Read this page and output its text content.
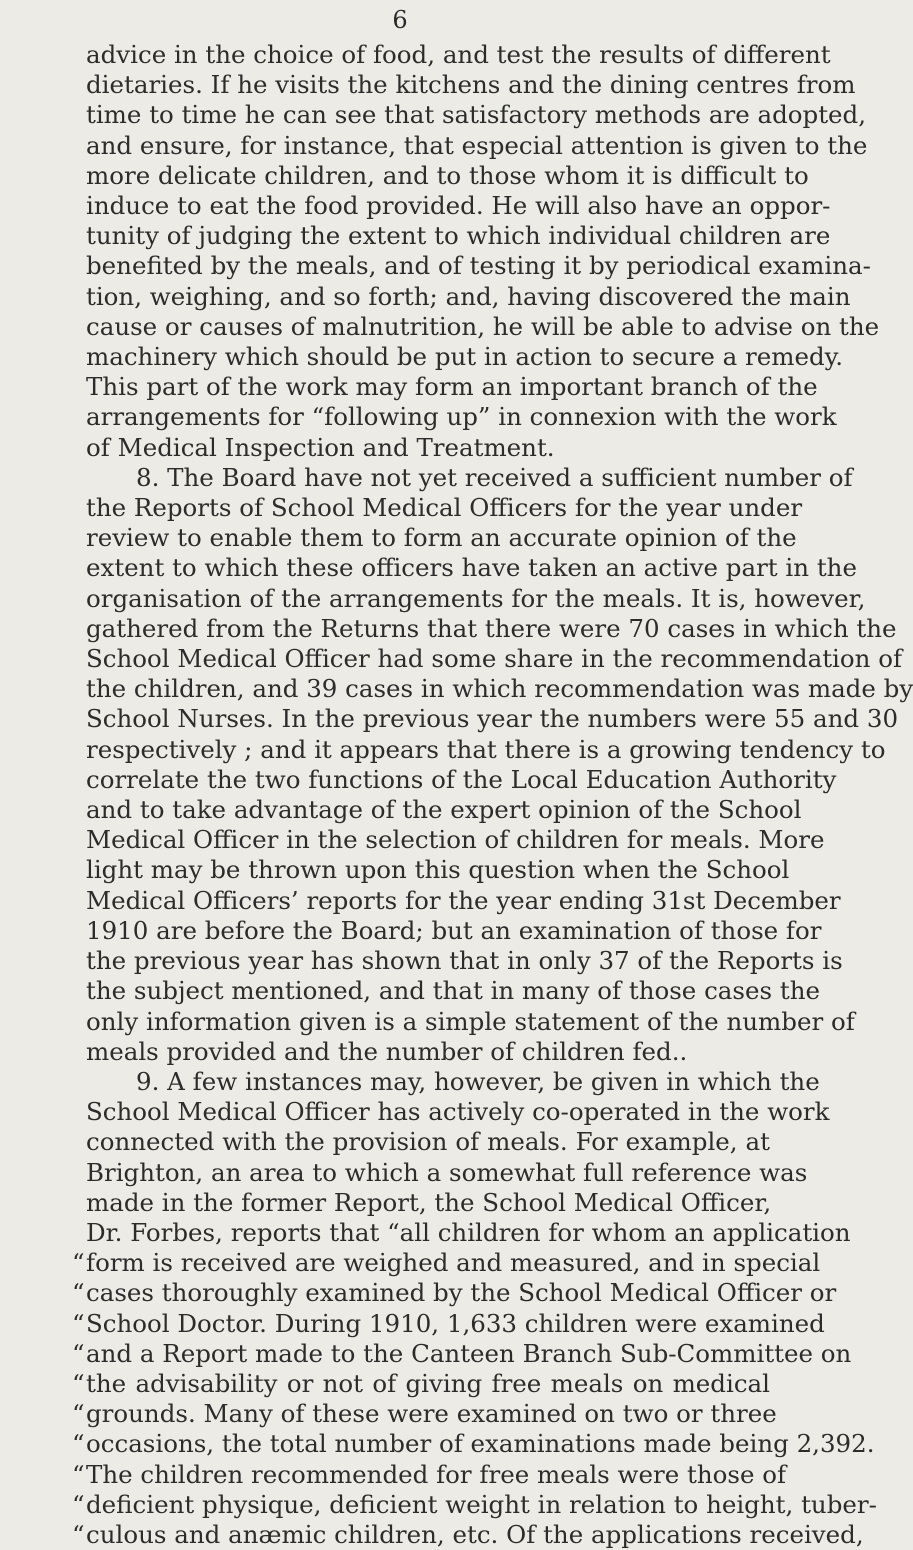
6
advice in the choice of food, and test the results of different
dietaries. If he visits the kitchens and the dining centres from
time to time he can see that satisfactory methods are adopted,
and ensure, for instance, that especial attention is given to the
more delicate children, and to those whom it is difficult to
induce to eat the food provided. He will also have an oppor-
tunity of judging the extent to which individual children are
benefited by the meals, and of testing it by periodical examina-
tion, weighing, and so forth; and, having discovered the main
cause or causes of malnutrition, he will be able to advise on the
machinery which should be put in action to secure a remedy.
This part of the work may form an important branch of the
arrangements for “following up” in connexion with the work
of Medical Inspection and Treatment.
8. The Board have not yet received a sufficient number of
the Reports of School Medical Officers for the year under
review to enable them to form an accurate opinion of the
extent to which these officers have taken an active part in the
organisation of the arrangements for the meals. It is, however,
gathered from the Returns that there were 70 cases in which the
School Medical Officer had some share in the recommendation of
the children, and 39 cases in which recommendation was made by
School Nurses. In the previous year the numbers were 55 and 30
respectively ; and it appears that there is a growing tendency to
correlate the two functions of the Local Education Authority
and to take advantage of the expert opinion of the School
Medical Officer in the selection of children for meals. More
light may be thrown upon this question when the School
Medical Officers’ reports for the year ending 31st December
1910 are before the Board; but an examination of those for
the previous year has shown that in only 37 of the Reports is
the subject mentioned, and that in many of those cases the
only information given is a simple statement of the number of
meals provided and the number of children fed..
9. A few instances may, however, be given in which the
School Medical Officer has actively co-operated in the work
connected with the provision of meals. For example, at
Brighton, an area to which a somewhat full reference was
made in the former Report, the School Medical Officer,
Dr. Forbes, reports that “all children for whom an application
“ form is received are weighed and measured, and in special
“ cases thoroughly examined by the School Medical Officer or
“ School Doctor. During 1910, 1,633 children were examined
“ and a Report made to the Canteen Branch Sub-Committee on
“ the advisability or not of giving free meals on medical
“ grounds. Many of these were examined on two or three
“ occasions, the total number of examinations made being 2,392.
“ The children recommended for free meals were those of
“ deficient physique, deficient weight in relation to height, tuber-
“ culous and anæmic children, etc. Of the applications received,
